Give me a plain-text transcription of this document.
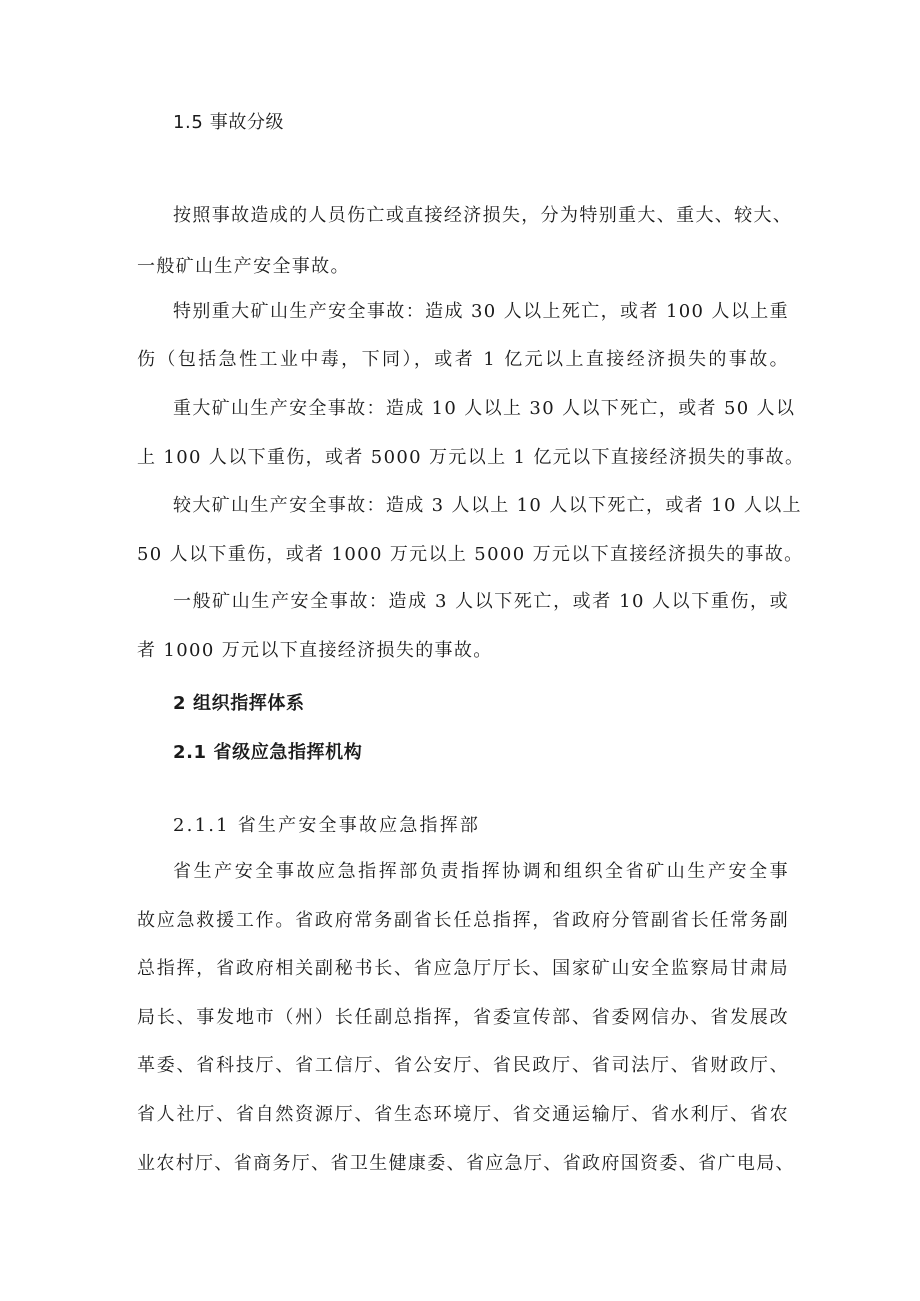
1.5 事故分级
按照事故造成的人员伤亡或直接经济损失，分为特别重大、重大、较大、
一般矿山生产安全事故。
特别重大矿山生产安全事故：造成 30 人以上死亡，或者 100 人以上重
伤（包括急性工业中毒，下同），或者 1 亿元以上直接经济损失的事故。
重大矿山生产安全事故：造成 10 人以上 30 人以下死亡，或者 50 人以
上 100 人以下重伤，或者 5000 万元以上 1 亿元以下直接经济损失的事故。
较大矿山生产安全事故：造成 3 人以上 10 人以下死亡，或者 10 人以上
50 人以下重伤，或者 1000 万元以上 5000 万元以下直接经济损失的事故。
一般矿山生产安全事故：造成 3 人以下死亡，或者 10 人以下重伤，或
者 1000 万元以下直接经济损失的事故。
2 组织指挥体系
2.1 省级应急指挥机构
2.1.1 省生产安全事故应急指挥部
省生产安全事故应急指挥部负责指挥协调和组织全省矿山生产安全事
故应急救援工作。省政府常务副省长任总指挥，省政府分管副省长任常务副
总指挥，省政府相关副秘书长、省应急厅厅长、国家矿山安全监察局甘肃局
局长、事发地市（州）长任副总指挥，省委宣传部、省委网信办、省发展改
革委、省科技厅、省工信厅、省公安厅、省民政厅、省司法厅、省财政厅、
省人社厅、省自然资源厅、省生态环境厅、省交通运输厅、省水利厅、省农
业农村厅、省商务厅、省卫生健康委、省应急厅、省政府国资委、省广电局、
